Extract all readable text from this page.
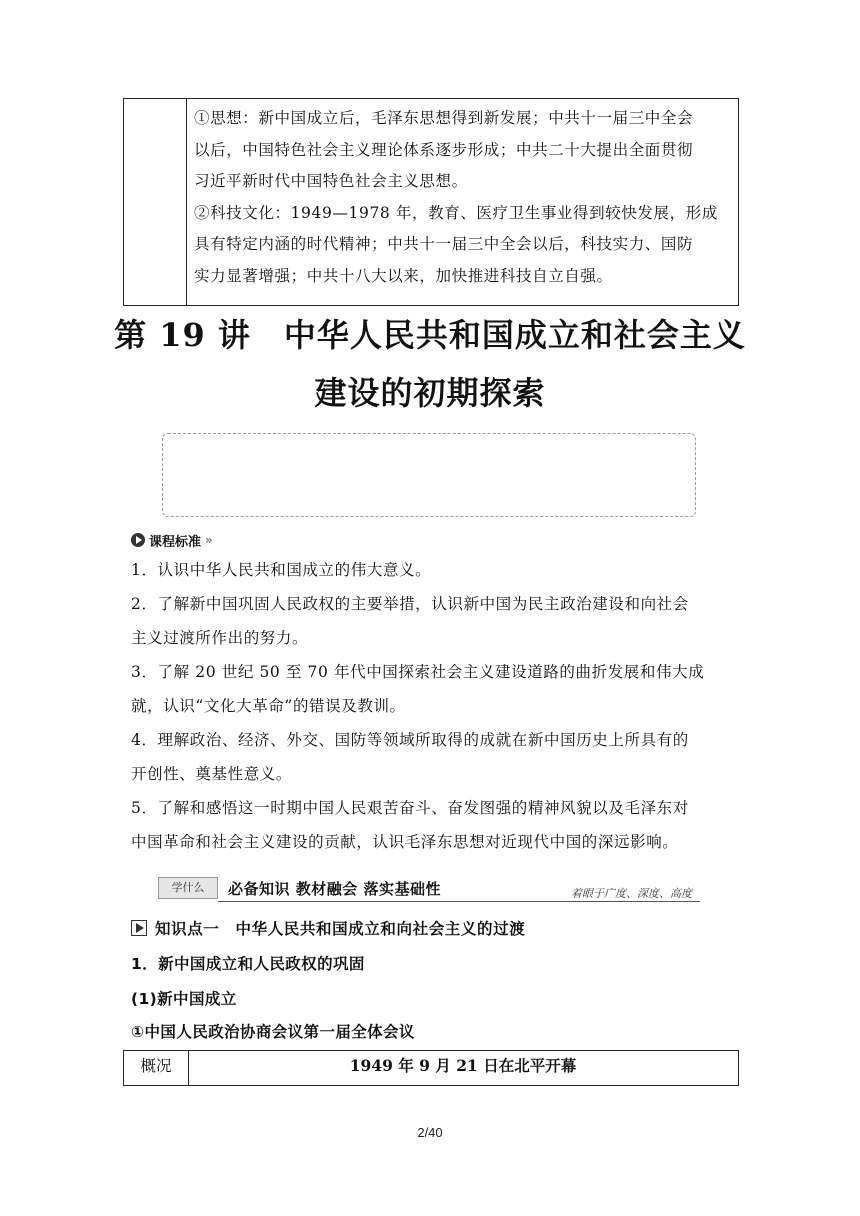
①思想：新中国成立后，毛泽东思想得到新发展；中共十一届三中全会
以后，中国特色社会主义理论体系逐步形成；中共二十大提出全面贯彻
习近平新时代中国特色社会主义思想。
②科技文化：1949—1978 年，教育、医疗卫生事业得到较快发展，形成
具有特定内涵的时代精神；中共十一届三中全会以后，科技实力、国防
实力显著增强；中共十八大以来，加快推进科技自立自强。
第 19 讲　中华人民共和国成立和社会主义
建设的初期探索
课程标准 »
1．认识中华人民共和国成立的伟大意义。
2．了解新中国巩固人民政权的主要举措，认识新中国为民主政治建设和向社会
主义过渡所作出的努力。
3．了解 20 世纪 50 至 70 年代中国探索社会主义建设道路的曲折发展和伟大成
就，认识“文化大革命”的错误及教训。
4．理解政治、经济、外交、国防等领域所取得的成就在新中国历史上所具有的
开创性、奠基性意义。
5．了解和感悟这一时期中国人民艰苦奋斗、奋发图强的精神风貌以及毛泽东对
中国革命和社会主义建设的贡献，认识毛泽东思想对近现代中国的深远影响。
学什么	必备知识 教材融会 落实基础性	着眼于广度、深度、高度
知识点一　中华人民共和国成立和向社会主义的过渡
1．新中国成立和人民政权的巩固
(1)新中国成立
①中国人民政治协商会议第一届全体会议
概况	1949 年 9 月 21 日在北平开幕
2/40
